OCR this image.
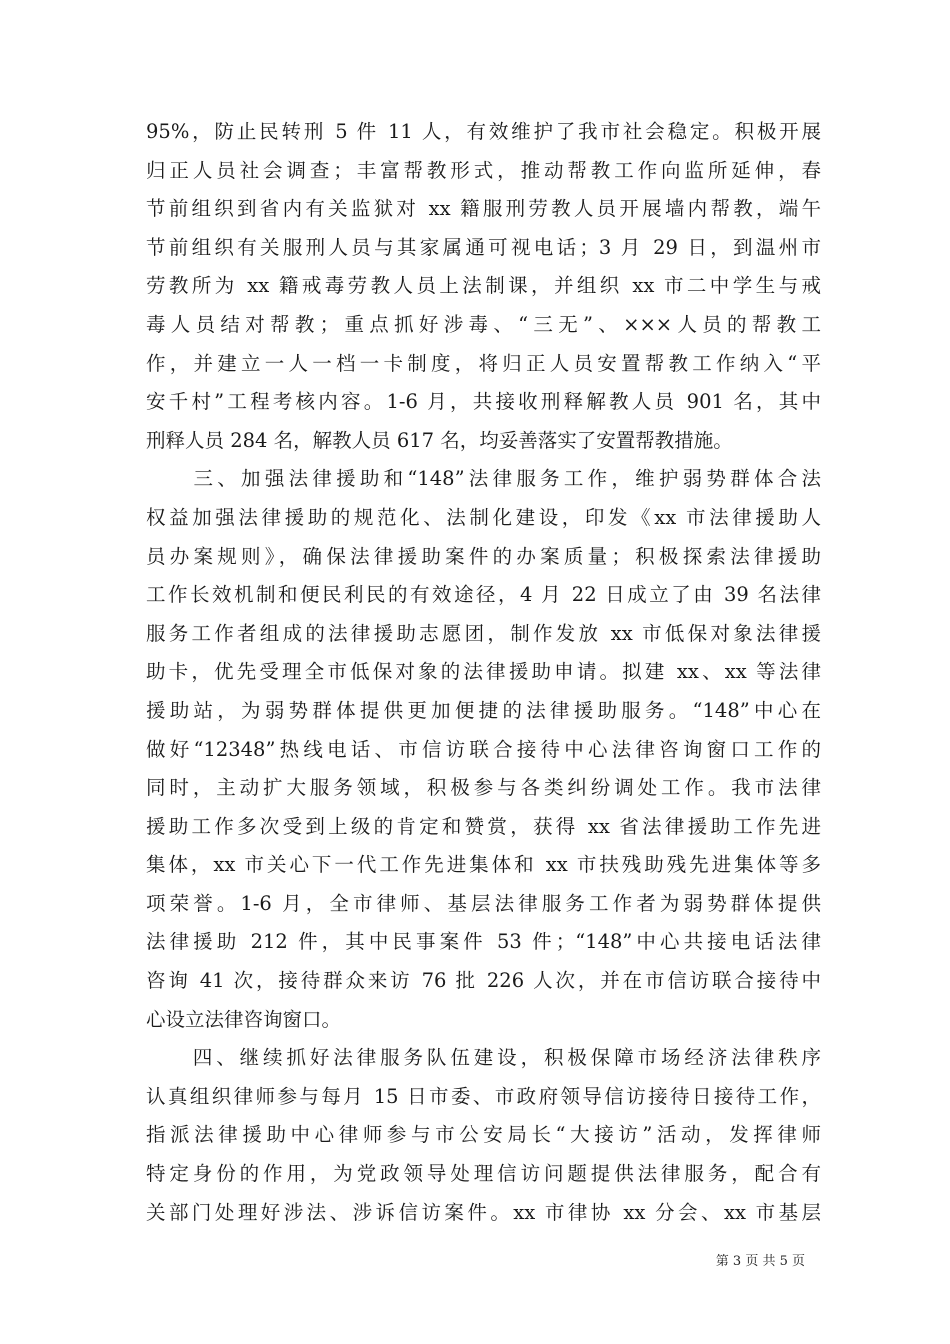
95%，防止民转刑 5 件 11 人，有效维护了我市社会稳定。积极开展
归正人员社会调查；丰富帮教形式，推动帮教工作向监所延伸，春
节前组织到省内有关监狱对 xx 籍服刑劳教人员开展墙内帮教，端午
节前组织有关服刑人员与其家属通可视电话；3 月 29 日，到温州市
劳教所为 xx 籍戒毒劳教人员上法制课，并组织 xx 市二中学生与戒
毒人员结对帮教；重点抓好涉毒、“三无”、×××人员的帮教工
作，并建立一人一档一卡制度，将归正人员安置帮教工作纳入“平
安千村”工程考核内容。1-6 月，共接收刑释解教人员 901 名，其中
刑释人员 284 名，解教人员 617 名，均妥善落实了安置帮教措施。
　　三、加强法律援助和“148”法律服务工作，维护弱势群体合法
权益加强法律援助的规范化、法制化建设，印发《xx 市法律援助人
员办案规则》，确保法律援助案件的办案质量；积极探索法律援助
工作长效机制和便民利民的有效途径，4 月 22 日成立了由 39 名法律
服务工作者组成的法律援助志愿团，制作发放 xx 市低保对象法律援
助卡，优先受理全市低保对象的法律援助申请。拟建 xx、xx 等法律
援助站，为弱势群体提供更加便捷的法律援助服务。“148”中心在
做好“12348”热线电话、市信访联合接待中心法律咨询窗口工作的
同时，主动扩大服务领域，积极参与各类纠纷调处工作。我市法律
援助工作多次受到上级的肯定和赞赏，获得 xx 省法律援助工作先进
集体，xx 市关心下一代工作先进集体和 xx 市扶残助残先进集体等多
项荣誉。1-6 月，全市律师、基层法律服务工作者为弱势群体提供
法律援助 212 件，其中民事案件 53 件；“148”中心共接电话法律
咨询 41 次，接待群众来访 76 批 226 人次，并在市信访联合接待中
心设立法律咨询窗口。
　　四、继续抓好法律服务队伍建设，积极保障市场经济法律秩序
认真组织律师参与每月 15 日市委、市政府领导信访接待日接待工作，
指派法律援助中心律师参与市公安局长“大接访”活动，发挥律师
特定身份的作用，为党政领导处理信访问题提供法律服务，配合有
关部门处理好涉法、涉诉信访案件。xx 市律协 xx 分会、xx 市基层
第 3 页 共 5 页
